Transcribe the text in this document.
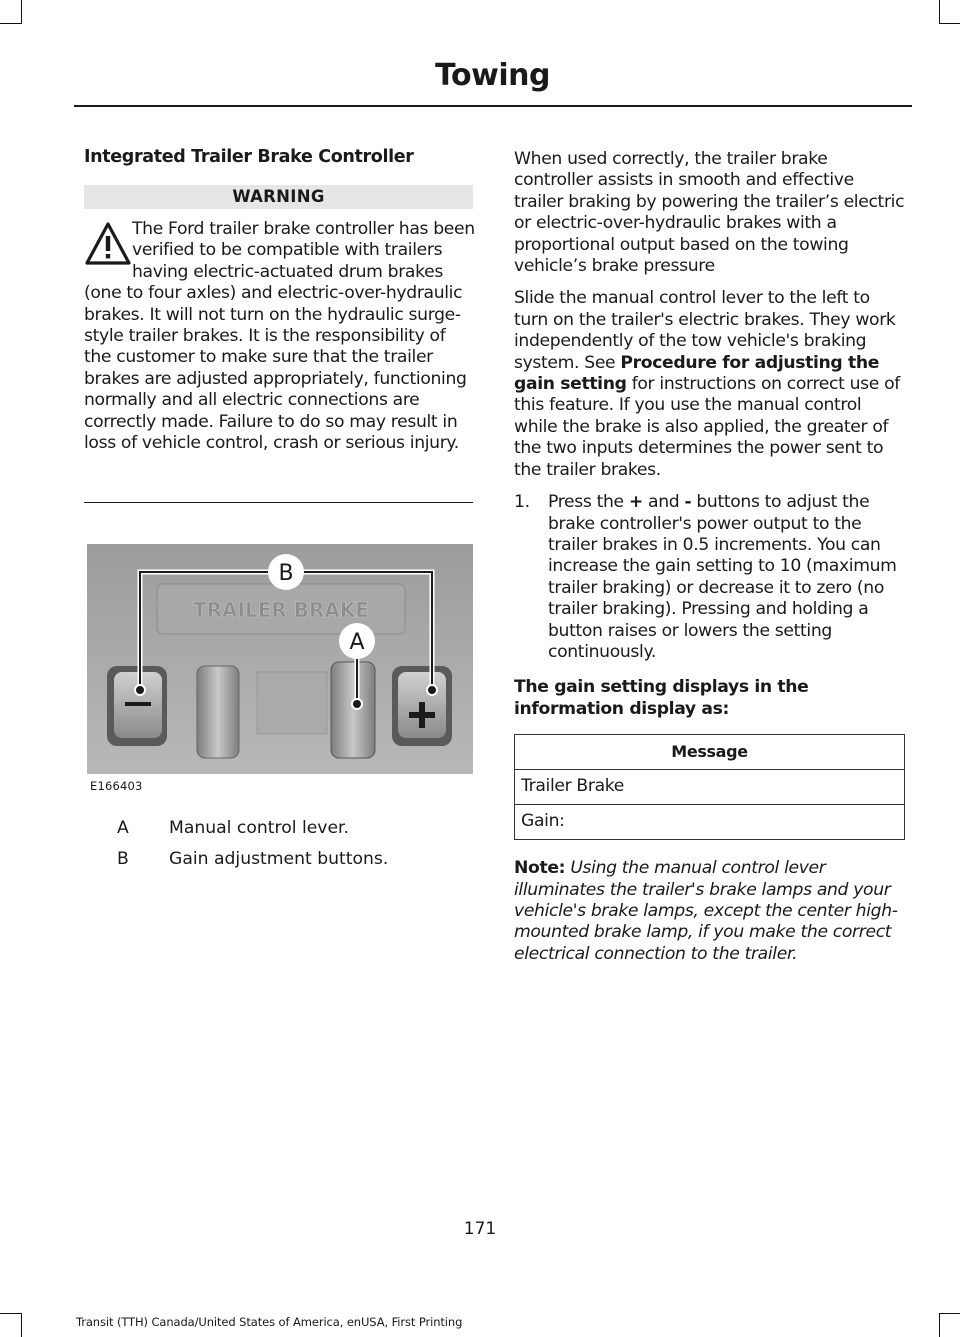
Towing
Integrated Trailer Brake Controller
WARNING
The Ford trailer brake controller has been verified to be compatible with trailers having electric-actuated drum brakes (one to four axles) and electric-over-hydraulic brakes. It will not turn on the hydraulic surge-style trailer brakes. It is the responsibility of the customer to make sure that the trailer brakes are adjusted appropriately, functioning normally and all electric connections are correctly made. Failure to do so may result in loss of vehicle control, crash or serious injury.
TRAILER BRAKE
B
A
E166403
A Manual control lever.
B Gain adjustment buttons.

When used correctly, the trailer brake controller assists in smooth and effective trailer braking by powering the trailer’s electric or electric-over-hydraulic brakes with a proportional output based on the towing vehicle’s brake pressure

Slide the manual control lever to the left to turn on the trailer's electric brakes. They work independently of the tow vehicle's braking system. See Procedure for adjusting the gain setting for instructions on correct use of this feature. If you use the manual control while the brake is also applied, the greater of the two inputs determines the power sent to the trailer brakes.

1. Press the + and - buttons to adjust the brake controller's power output to the trailer brakes in 0.5 increments. You can increase the gain setting to 10 (maximum trailer braking) or decrease it to zero (no trailer braking). Pressing and holding a button raises or lowers the setting continuously.

The gain setting displays in the information display as:

Message
Trailer Brake
Gain:

Note: Using the manual control lever illuminates the trailer's brake lamps and your vehicle's brake lamps, except the center high-mounted brake lamp, if you make the correct electrical connection to the trailer.

171
Transit (TTH) Canada/United States of America, enUSA, First Printing
